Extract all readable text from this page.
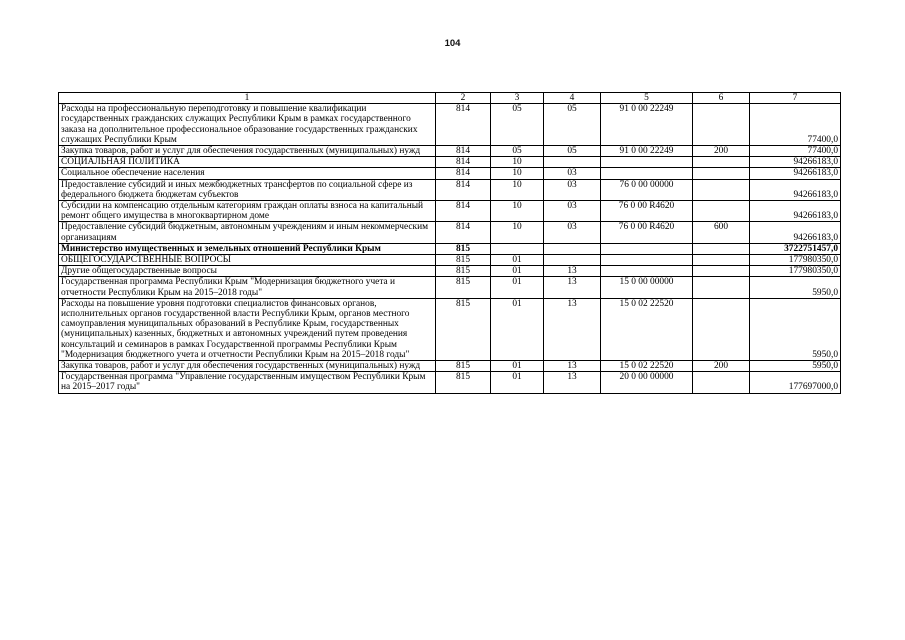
104
1	2	3	4	5	6	7
Расходы на профессиональную переподготовку и повышение квалификации государственных гражданских служащих Республики Крым в рамках государственного заказа на дополнительное профессиональное образование государственных гражданских служащих Республики Крым	814	05	05	91 0 00 22249		77400,0
Закупка товаров, работ и услуг для обеспечения государственных (муниципальных) нужд	814	05	05	91 0 00 22249	200	77400,0
СОЦИАЛЬНАЯ ПОЛИТИКА	814	10				94266183,0
Социальное обеспечение населения	814	10	03			94266183,0
Предоставление субсидий и иных межбюджетных трансфертов по социальной сфере из федерального бюджета бюджетам субъектов	814	10	03	76 0 00 00000		94266183,0
Субсидии на компенсацию отдельным категориям граждан оплаты взноса на капитальный ремонт общего имущества в многоквартирном доме	814	10	03	76 0 00 R4620		94266183,0
Предоставление субсидий бюджетным, автономным учреждениям и иным некоммерческим организациям	814	10	03	76 0 00 R4620	600	94266183,0
Министерство имущественных и земельных отношений Республики Крым	815					3722751457,0
ОБЩЕГОСУДАРСТВЕННЫЕ ВОПРОСЫ	815	01				177980350,0
Другие общегосударственные вопросы	815	01	13			177980350,0
Государственная программа Республики Крым "Модернизация бюджетного учета и отчетности Республики Крым на 2015–2018 годы"	815	01	13	15 0 00 00000		5950,0
Расходы на повышение уровня подготовки специалистов финансовых органов, исполнительных органов государственной власти Республики Крым, органов местного самоуправления муниципальных образований в Республике Крым, государственных (муниципальных) казенных, бюджетных и автономных учреждений путем проведения консультаций и семинаров в рамках Государственной программы Республики Крым "Модернизация бюджетного учета и отчетности Республики Крым на 2015–2018 годы"	815	01	13	15 0 02 22520		5950,0
Закупка товаров, работ и услуг для обеспечения государственных (муниципальных) нужд	815	01	13	15 0 02 22520	200	5950,0
Государственная программа "Управление государственным имуществом Республики Крым на 2015–2017 годы"	815	01	13	20 0 00 00000		177697000,0
